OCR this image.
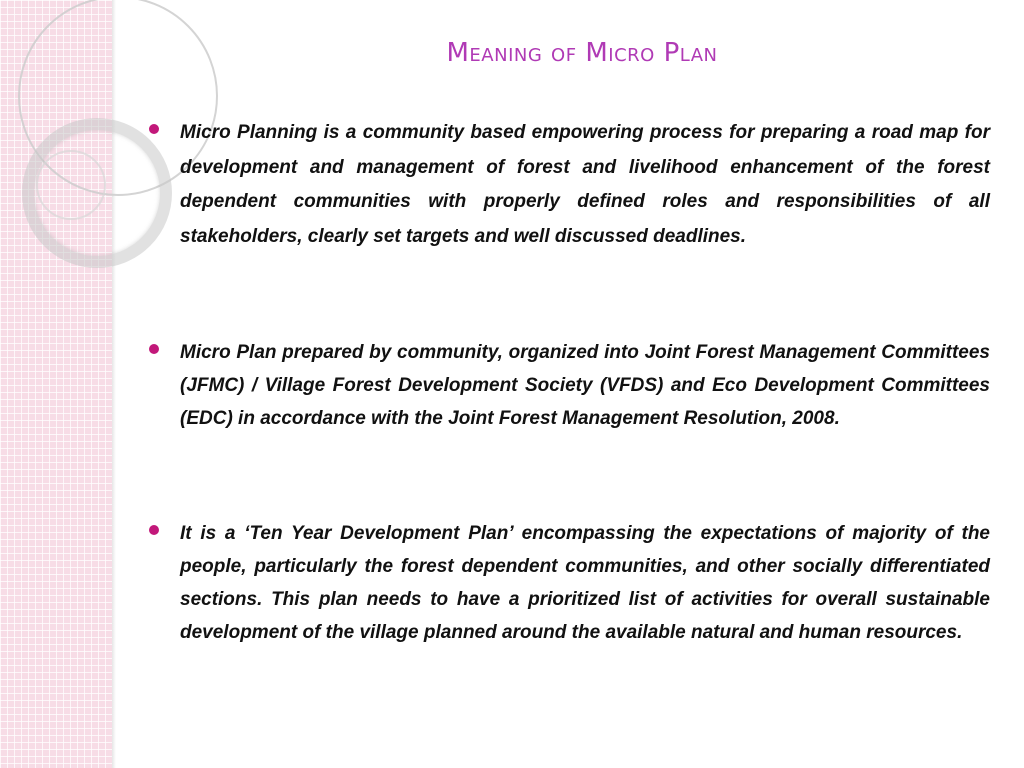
Meaning of Micro Plan
Micro Planning is a community based empowering process for preparing a road map for development and management of forest and livelihood enhancement of the forest dependent communities with properly defined roles and responsibilities of all stakeholders, clearly set targets and well discussed deadlines.
Micro Plan prepared by community, organized into Joint Forest Management Committees (JFMC) / Village Forest Development Society (VFDS) and Eco Development Committees (EDC) in accordance with the Joint Forest Management Resolution, 2008.
It is a ‘Ten Year Development Plan’ encompassing the expectations of majority of the people, particularly the forest dependent communities, and other socially differentiated sections. This plan needs to have a prioritized list of activities for overall sustainable development of the village planned around the available natural and human resources.
